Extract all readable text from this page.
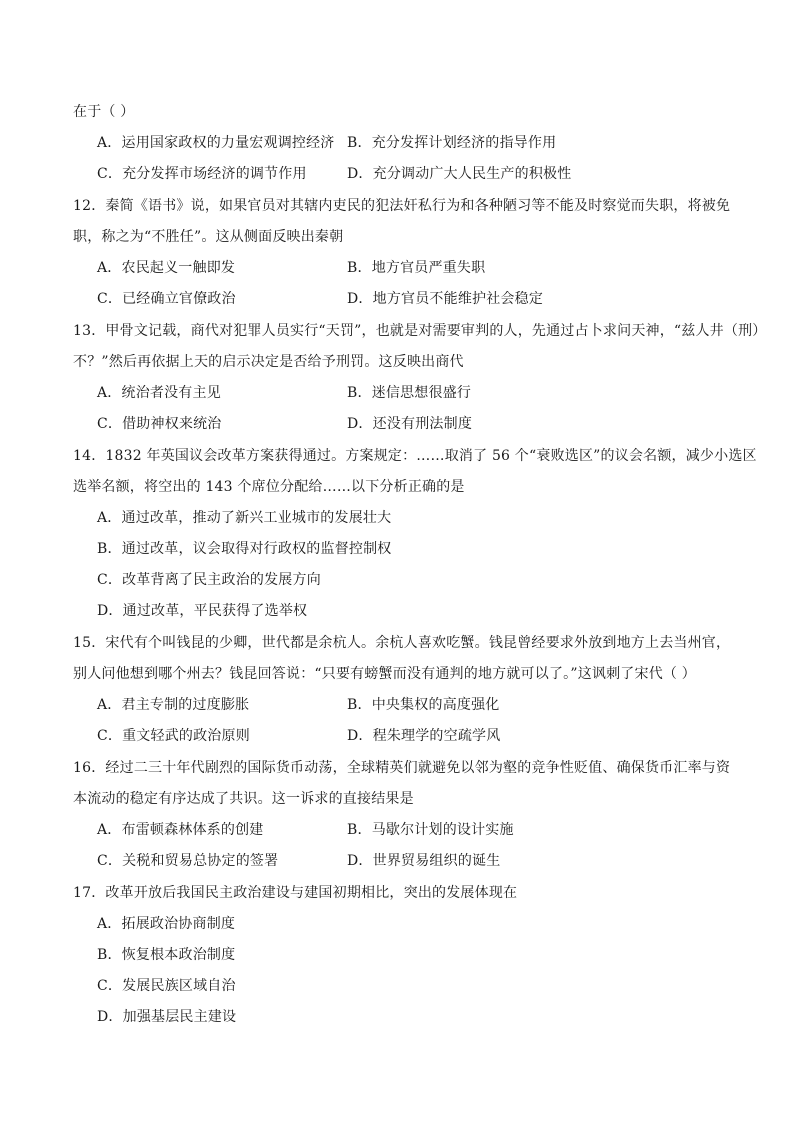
在于（ ）
A．运用国家政权的力量宏观调控经济 B．充分发挥计划经济的指导作用
C．充分发挥市场经济的调节作用	D．充分调动广大人民生产的积极性
12．秦简《语书》说，如果官员对其辖内吏民的犯法奸私行为和各种陋习等不能及时察觉而失职，将被免
职，称之为“不胜任”。这从侧面反映出秦朝
A．农民起义一触即发	B．地方官员严重失职
C．已经确立官僚政治	D．地方官员不能维护社会稳定
13．甲骨文记载，商代对犯罪人员实行“天罚”，也就是对需要审判的人，先通过占卜求问天神，“兹人井（刑）
不？”然后再依据上天的启示决定是否给予刑罚。这反映出商代
A．统治者没有主见	B．迷信思想很盛行
C．借助神权来统治	D．还没有刑法制度
14．1832 年英国议会改革方案获得通过。方案规定：……取消了 56 个“衰败选区”的议会名额，减少小选区
选举名额，将空出的 143 个席位分配给……以下分析正确的是
A．通过改革，推动了新兴工业城市的发展壮大
B．通过改革，议会取得对行政权的监督控制权
C．改革背离了民主政治的发展方向
D．通过改革，平民获得了选举权
15．宋代有个叫钱昆的少卿，世代都是余杭人。余杭人喜欢吃蟹。钱昆曾经要求外放到地方上去当州官，
别人问他想到哪个州去？钱昆回答说：“只要有螃蟹而没有通判的地方就可以了。”这讽刺了宋代（ ）
A．君主专制的过度膨胀	B．中央集权的高度强化
C．重文轻武的政治原则	D．程朱理学的空疏学风
16．经过二三十年代剧烈的国际货币动荡，全球精英们就避免以邻为壑的竞争性贬值、确保货币汇率与资
本流动的稳定有序达成了共识。这一诉求的直接结果是
A．布雷顿森林体系的创建	B．马歇尔计划的设计实施
C．关税和贸易总协定的签署	D．世界贸易组织的诞生
17．改革开放后我国民主政治建设与建国初期相比，突出的发展体现在
A．拓展政治协商制度
B．恢复根本政治制度
C．发展民族区域自治
D．加强基层民主建设
